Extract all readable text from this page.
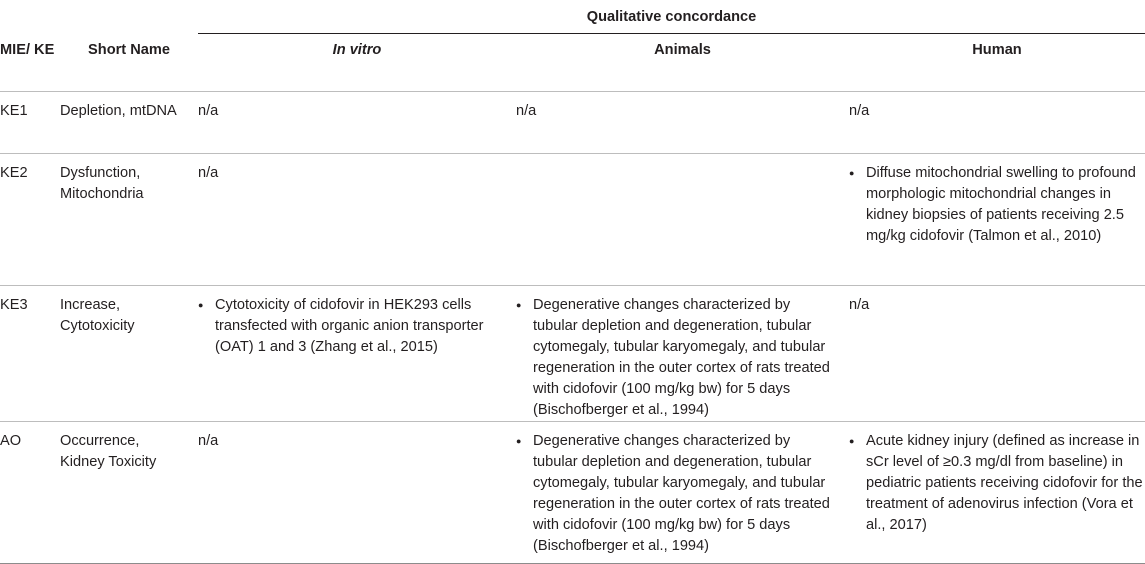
		Qualitative concordance		
MIE/ KE	Short Name	In vitro	Animals	Human
KE1	Depletion, mtDNA	n/a	n/a	n/a
KE2	Dysfunction, Mitochondria	n/a		● Diffuse mitochondrial swelling to profound morphologic mitochondrial changes in kidney biopsies of patients receiving 2.5 mg/kg cidofovir (Talmon et al., 2010)

KE3	Increase, Cytotoxicity	● Cytotoxicity of cidofovir in HEK293 cells transfected with organic anion transporter (OAT) 1 and 3 (Zhang et al., 2015)	● Degenerative changes characterized by tubular depletion and degeneration, tubular cytomegaly, tubular karyomegaly, and tubular regeneration in the outer cortex of rats treated with cidofovir (100 mg/kg bw) for 5 days (Bischofberger et al., 1994)	n/a
AO	Occurrence, Kidney Toxicity	n/a	● Degenerative changes characterized by tubular depletion and degeneration, tubular cytomegaly, tubular karyomegaly, and tubular regeneration in the outer cortex of rats treated with cidofovir (100 mg/kg bw) for 5 days (Bischofberger et al., 1994)	● Acute kidney injury (defined as increase in sCr level of ≥0.3 mg/dl from baseline) in pediatric patients receiving cidofovir for the treatment of adenovirus infection (Vora et al., 2017)
